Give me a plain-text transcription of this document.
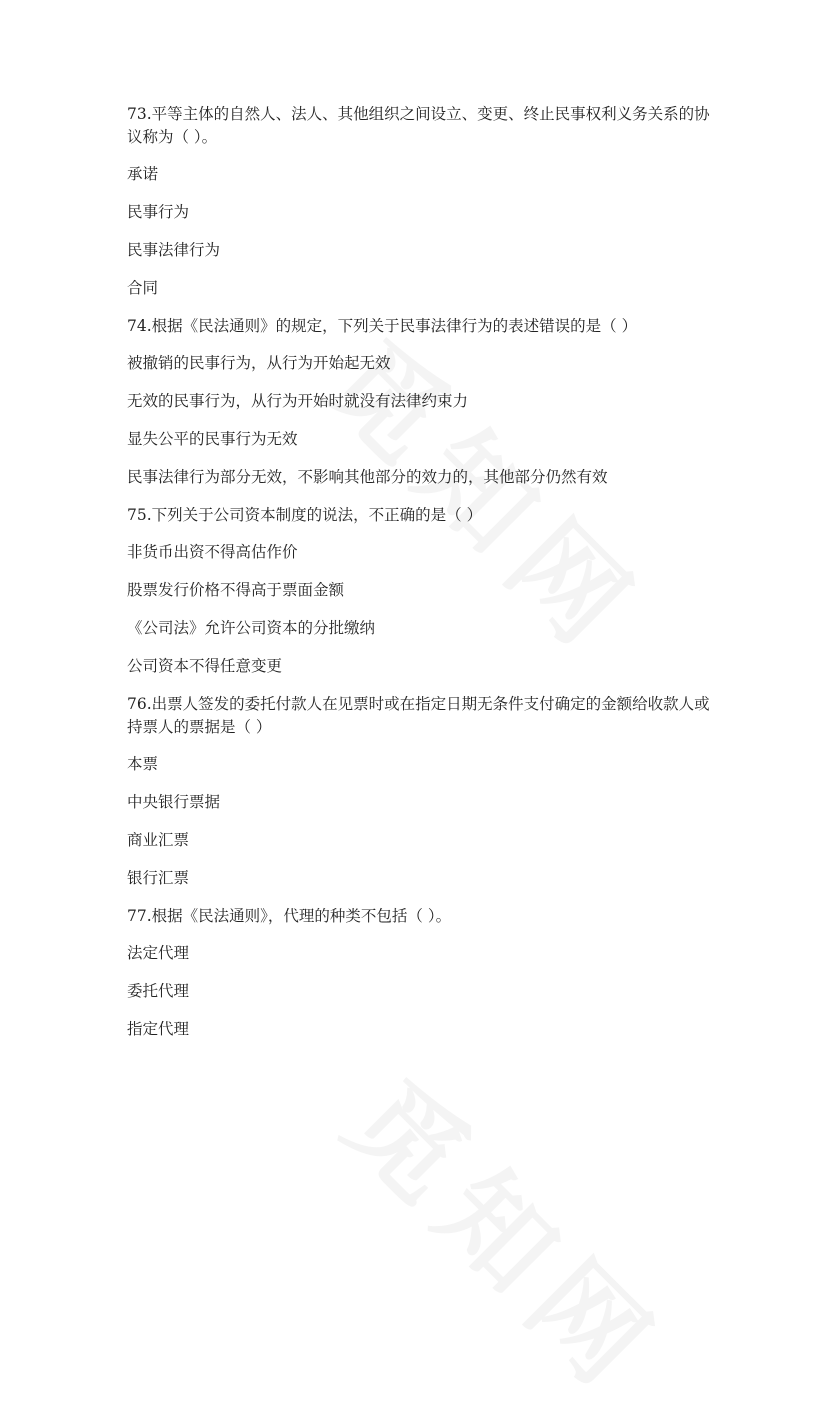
73.平等主体的自然人、法人、其他组织之间设立、变更、终止民事权利义务关系的协议称为（ ）。

承诺

民事行为

民事法律行为

合同

74.根据《民法通则》的规定，下列关于民事法律行为的表述错误的是（ ）

被撤销的民事行为，从行为开始起无效

无效的民事行为，从行为开始时就没有法律约束力

显失公平的民事行为无效

民事法律行为部分无效，不影响其他部分的效力的，其他部分仍然有效

75.下列关于公司资本制度的说法，不正确的是（ ）

非货币出资不得高估作价

股票发行价格不得高于票面金额

《公司法》允许公司资本的分批缴纳

公司资本不得任意变更

76.出票人签发的委托付款人在见票时或在指定日期无条件支付确定的金额给收款人或持票人的票据是（ ）

本票

中央银行票据

商业汇票

银行汇票

77.根据《民法通则》，代理的种类不包括（ ）。

法定代理

委托代理

指定代理
